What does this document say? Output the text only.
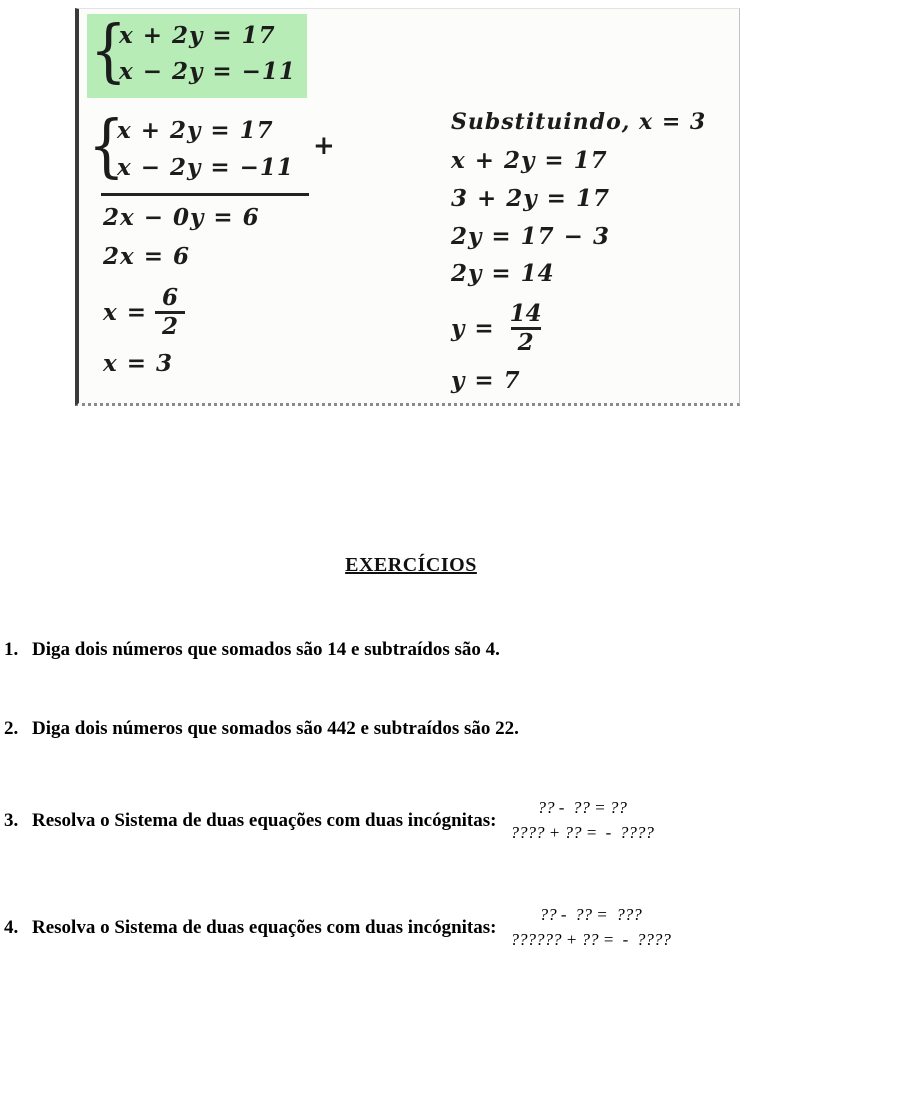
{
x + 2y = 17
x − 2y = −11
{
x + 2y = 17
x − 2y = −11
+
2x − 0y = 6
2x = 6
$x = \frac{6}{2}$
x = 3
Substituindo, x = 3
x + 2y = 17
3 + 2y = 17
2y = 17 − 3
2y = 14
$y = \frac{14}{2}$
y = 7
EXERCÍCIOS
1. Diga dois números que somados são 14 e subtraídos são 4.
2. Diga dois números que somados são 442 e subtraídos são 22.
3. Resolva o Sistema de duas equações com duas incógnitas:
?? -  ?? = ??
???? + ?? =  -  ????
4. Resolva o Sistema de duas equações com duas incógnitas:
?? -  ?? =  ???
?????? + ?? =  -  ????
